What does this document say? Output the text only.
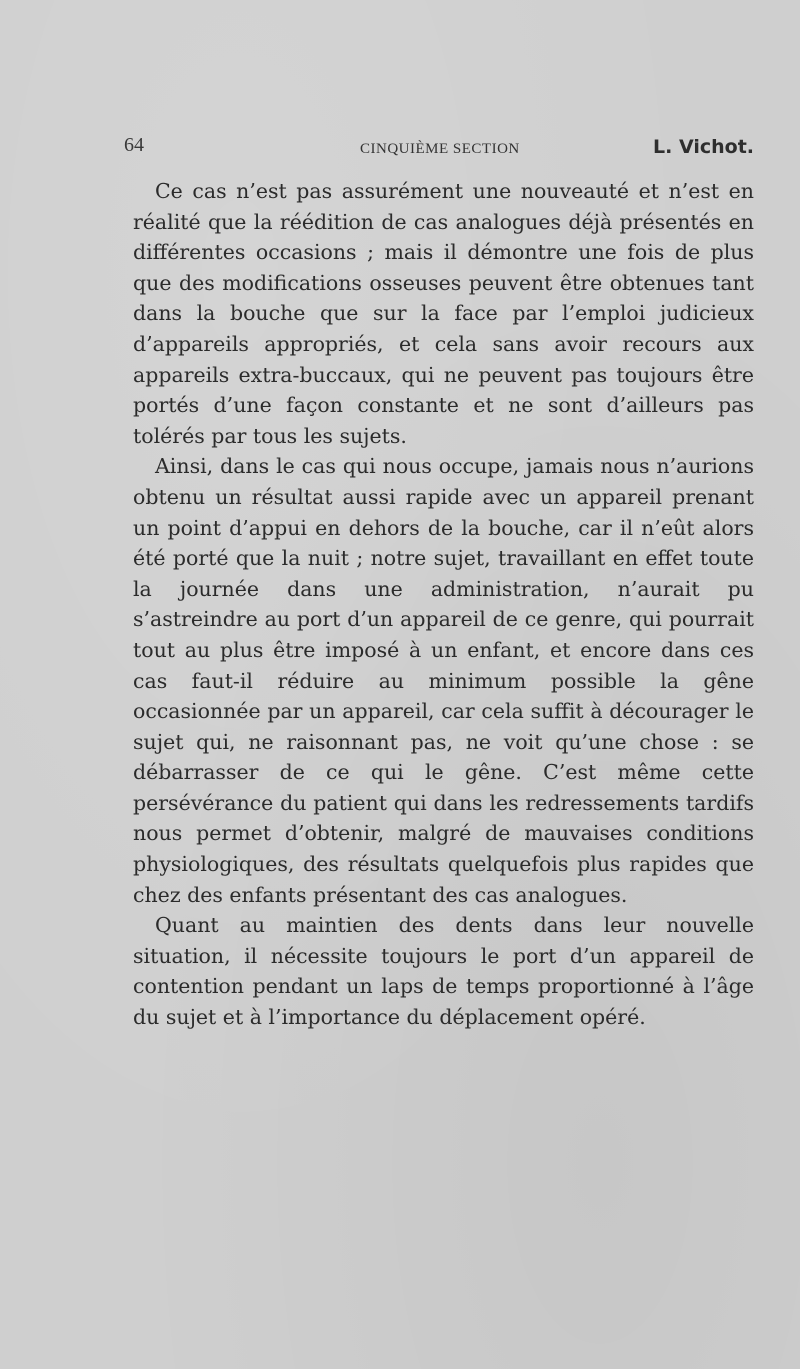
64	CINQUIÈME SECTION	L. Vichot.

Ce cas n’est pas assurément une nouveauté et n’est en réalité que la réédition de cas analogues déjà présentés en différentes occasions ; mais il démontre une fois de plus que des modifications osseuses peuvent être obtenues tant dans la bouche que sur la face par l’emploi judicieux d’appareils appropriés, et cela sans avoir recours aux appareils extra-buccaux, qui ne peuvent pas toujours être portés d’une façon constante et ne sont d’ailleurs pas tolérés par tous les sujets.

Ainsi, dans le cas qui nous occupe, jamais nous n’aurions obtenu un résultat aussi rapide avec un appareil prenant un point d’appui en dehors de la bouche, car il n’eût alors été porté que la nuit ; notre sujet, travaillant en effet toute la journée dans une administration, n’aurait pu s’astreindre au port d’un appareil de ce genre, qui pourrait tout au plus être imposé à un enfant, et encore dans ces cas faut-il réduire au minimum possible la gêne occasionnée par un appareil, car cela suffit à décourager le sujet qui, ne raisonnant pas, ne voit qu’une chose : se débarrasser de ce qui le gêne. C’est même cette persévérance du patient qui dans les redressements tardifs nous permet d’obtenir, malgré de mauvaises conditions physiologiques, des résultats quelquefois plus rapides que chez des enfants présentant des cas analogues.

Quant au maintien des dents dans leur nouvelle situation, il nécessite toujours le port d’un appareil de contention pendant un laps de temps proportionné à l’âge du sujet et à l’importance du déplacement opéré.
